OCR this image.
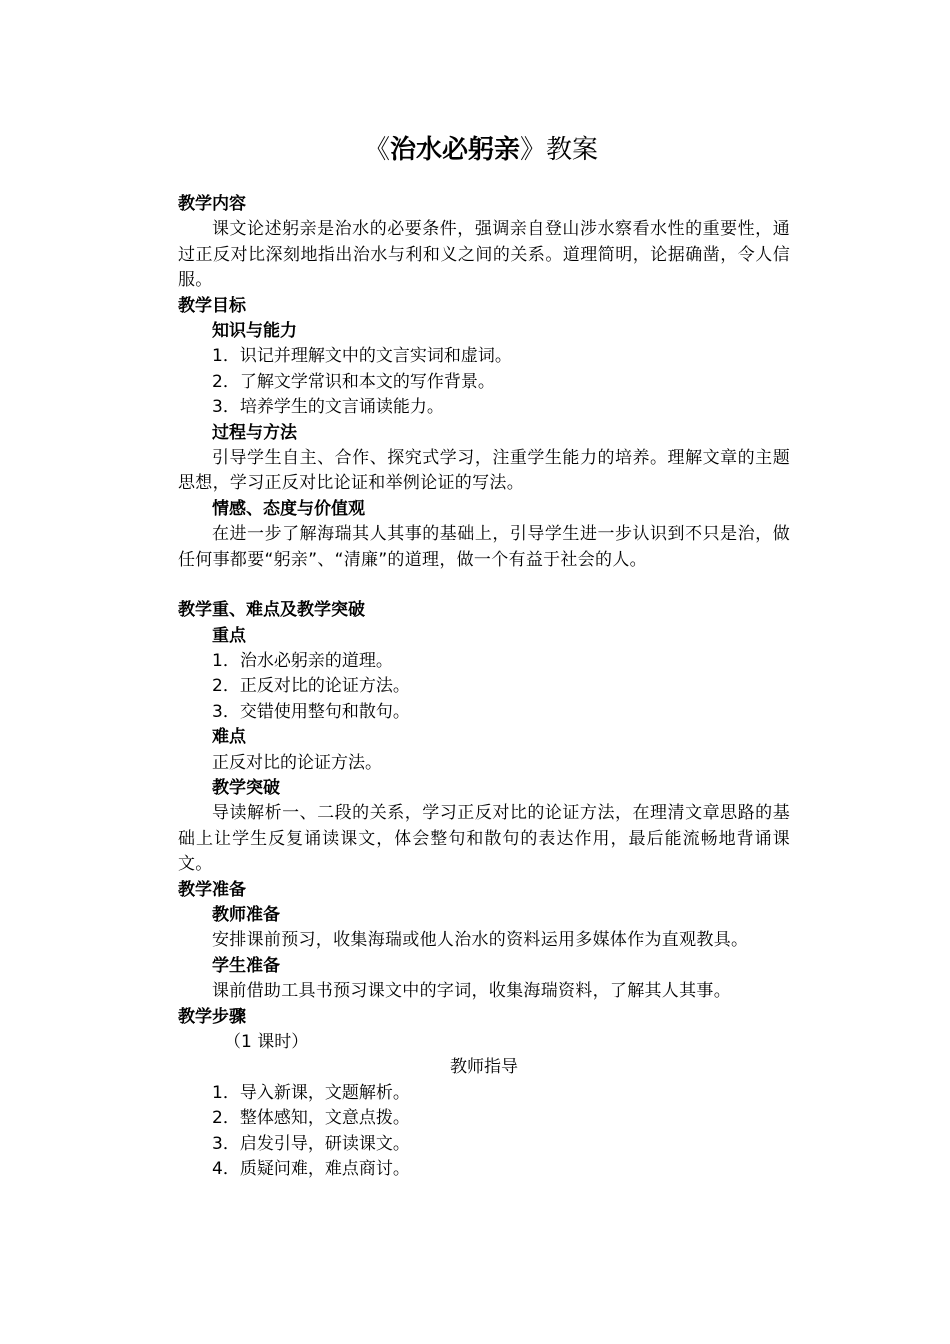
《治水必躬亲》教案

教学内容

课文论述躬亲是治水的必要条件，强调亲自登山涉水察看水性的重要性，通过正反对比深刻地指出治水与利和义之间的关系。道理简明，论据确凿，令人信服。

教学目标

知识与能力

1．识记并理解文中的文言实词和虚词。

2．了解文学常识和本文的写作背景。

3．培养学生的文言诵读能力。

过程与方法

引导学生自主、合作、探究式学习，注重学生能力的培养。理解文章的主题思想，学习正反对比论证和举例论证的写法。

情感、态度与价值观

在进一步了解海瑞其人其事的基础上，引导学生进一步认识到不只是治，做任何事都要“躬亲”、“清廉”的道理，做一个有益于社会的人。

教学重、难点及教学突破

重点

1．治水必躬亲的道理。

2．正反对比的论证方法。

3．交错使用整句和散句。

难点

正反对比的论证方法。

教学突破

导读解析一、二段的关系，学习正反对比的论证方法，在理清文章思路的基础上让学生反复诵读课文，体会整句和散句的表达作用，最后能流畅地背诵课文。

教学准备

教师准备

安排课前预习，收集海瑞或他人治水的资料运用多媒体作为直观教具。

学生准备

课前借助工具书预习课文中的字词，收集海瑞资料，了解其人其事。

教学步骤

（1 课时）

教师指导

1．导入新课，文题解析。

2．整体感知，文意点拨。

3．启发引导，研读课文。

4．质疑问难，难点商讨。
